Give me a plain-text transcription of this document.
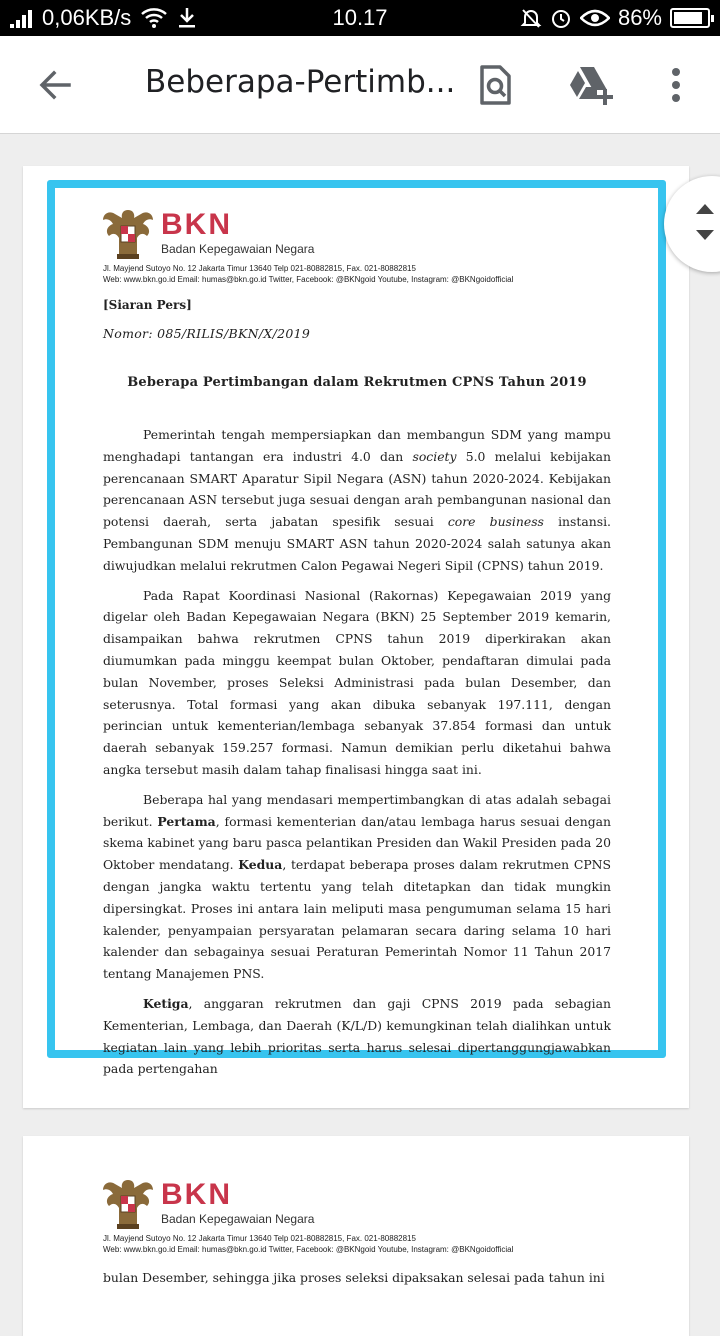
0,06KB/s	10.17	86%
Beberapa-Pertimb...
BKN
Badan Kepegawaian Negara
Jl. Mayjend Sutoyo No. 12 Jakarta Timur 13640 Telp 021-80882815, Fax. 021-80882815
Web: www.bkn.go.id Email: humas@bkn.go.id Twitter, Facebook: @BKNgoid Youtube, Instagram: @BKNgoidofficial
[Siaran Pers]
Nomor: 085/RILIS/BKN/X/2019
Beberapa Pertimbangan dalam Rekrutmen CPNS Tahun 2019

Pemerintah tengah mempersiapkan dan membangun SDM yang mampu menghadapi tantangan era industri 4.0 dan society 5.0 melalui kebijakan perencanaan SMART Aparatur Sipil Negara (ASN) tahun 2020-2024. Kebijakan perencanaan ASN tersebut juga sesuai dengan arah pembangunan nasional dan potensi daerah, serta jabatan spesifik sesuai core business instansi. Pembangunan SDM menuju SMART ASN tahun 2020-2024 salah satunya akan diwujudkan melalui rekrutmen Calon Pegawai Negeri Sipil (CPNS) tahun 2019.

Pada Rapat Koordinasi Nasional (Rakornas) Kepegawaian 2019 yang digelar oleh Badan Kepegawaian Negara (BKN) 25 September 2019 kemarin, disampaikan bahwa rekrutmen CPNS tahun 2019 diperkirakan akan diumumkan pada minggu keempat bulan Oktober, pendaftaran dimulai pada bulan November, proses Seleksi Administrasi pada bulan Desember, dan seterusnya. Total formasi yang akan dibuka sebanyak 197.111, dengan perincian untuk kementerian/lembaga sebanyak 37.854 formasi dan untuk daerah sebanyak 159.257 formasi. Namun demikian perlu diketahui bahwa angka tersebut masih dalam tahap finalisasi hingga saat ini.

Beberapa hal yang mendasari mempertimbangkan di atas adalah sebagai berikut. Pertama, formasi kementerian dan/atau lembaga harus sesuai dengan skema kabinet yang baru pasca pelantikan Presiden dan Wakil Presiden pada 20 Oktober mendatang. Kedua, terdapat beberapa proses dalam rekrutmen CPNS dengan jangka waktu tertentu yang telah ditetapkan dan tidak mungkin dipersingkat. Proses ini antara lain meliputi masa pengumuman selama 15 hari kalender, penyampaian persyaratan pelamaran secara daring selama 10 hari kalender dan sebagainya sesuai Peraturan Pemerintah Nomor 11 Tahun 2017 tentang Manajemen PNS.

Ketiga, anggaran rekrutmen dan gaji CPNS 2019 pada sebagian Kementerian, Lembaga, dan Daerah (K/L/D) kemungkinan telah dialihkan untuk kegiatan lain yang lebih prioritas serta harus selesai dipertanggungjawabkan pada pertengahan

BKN
Badan Kepegawaian Negara
Jl. Mayjend Sutoyo No. 12 Jakarta Timur 13640 Telp 021-80882815, Fax. 021-80882815
Web: www.bkn.go.id Email: humas@bkn.go.id Twitter, Facebook: @BKNgoid Youtube, Instagram: @BKNgoidofficial

bulan Desember, sehingga jika proses seleksi dipaksakan selesai pada tahun ini
